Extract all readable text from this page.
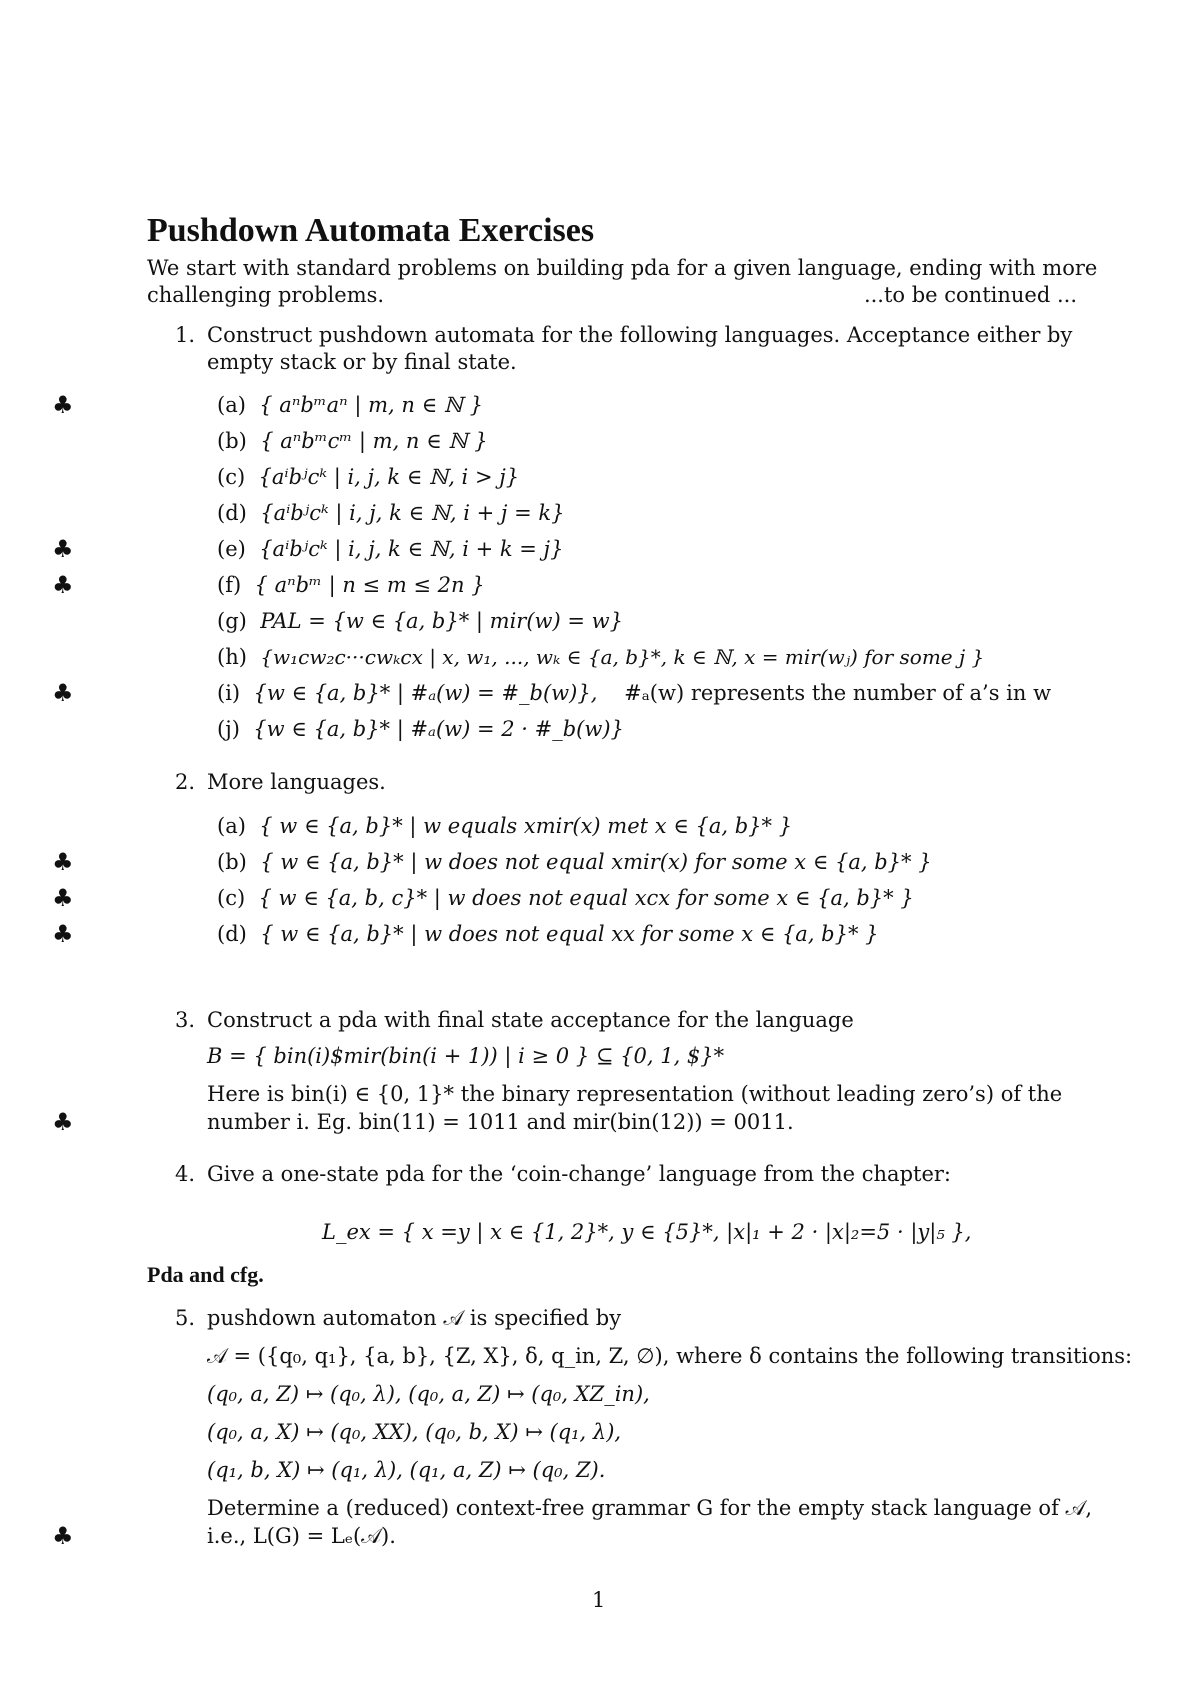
Pushdown Automata Exercises
We start with standard problems on building pda for a given language, ending with more
challenging problems.	...to be continued ...
1. Construct pushdown automata for the following languages. Acceptance either by
empty stack or by final state.
♣	(a) { aⁿbᵐaⁿ | m, n ∈ ℕ }
(b) { aⁿbᵐcᵐ | m, n ∈ ℕ }
(c) {aⁱbʲcᵏ | i, j, k ∈ ℕ, i > j}
(d) {aⁱbʲcᵏ | i, j, k ∈ ℕ, i + j = k}
♣	(e) {aⁱbʲcᵏ | i, j, k ∈ ℕ, i + k = j}
♣	(f) { aⁿbᵐ | n ≤ m ≤ 2n }
(g) PAL = {w ∈ {a, b}* | mir(w) = w}
(h) {w₁cw₂c···cwₖcx | x, w₁, ..., wₖ ∈ {a, b}*, k ∈ ℕ, x = mir(wⱼ) for some j }
♣	(i) {w ∈ {a, b}* | #ₐ(w) = #_b(w)}, #ₐ(w) represents the number of a’s in w
(j) {w ∈ {a, b}* | #ₐ(w) = 2 · #_b(w)}
2. More languages.
(a) { w ∈ {a, b}* | w equals xmir(x) met x ∈ {a, b}* }
♣	(b) { w ∈ {a, b}* | w does not equal xmir(x) for some x ∈ {a, b}* }
♣	(c) { w ∈ {a, b, c}* | w does not equal xcx for some x ∈ {a, b}* }
♣	(d) { w ∈ {a, b}* | w does not equal xx for some x ∈ {a, b}* }
3. Construct a pda with final state acceptance for the language
B = { bin(i)$mir(bin(i + 1)) | i ≥ 0 } ⊆ {0, 1, $}*
Here is bin(i) ∈ {0, 1}* the binary representation (without leading zero’s) of the
♣	number i. Eg. bin(11) = 1011 and mir(bin(12)) = 0011.
4. Give a one-state pda for the ‘coin-change’ language from the chapter:
L_ex = { x =y | x ∈ {1, 2}*, y ∈ {5}*, |x|₁ + 2 · |x|₂=5 · |y|₅ },
Pda and cfg.
5. pushdown automaton 𝒜 is specified by
𝒜 = ({q₀, q₁}, {a, b}, {Z, X}, δ, q_in, Z, ∅), where δ contains the following transitions:
(q₀, a, Z) ↦ (q₀, λ), (q₀, a, Z) ↦ (q₀, XZ_in),
(q₀, a, X) ↦ (q₀, XX), (q₀, b, X) ↦ (q₁, λ),
(q₁, b, X) ↦ (q₁, λ), (q₁, a, Z) ↦ (q₀, Z).
Determine a (reduced) context-free grammar G for the empty stack language of 𝒜,
♣	i.e., L(G) = Lₑ(𝒜).
1
